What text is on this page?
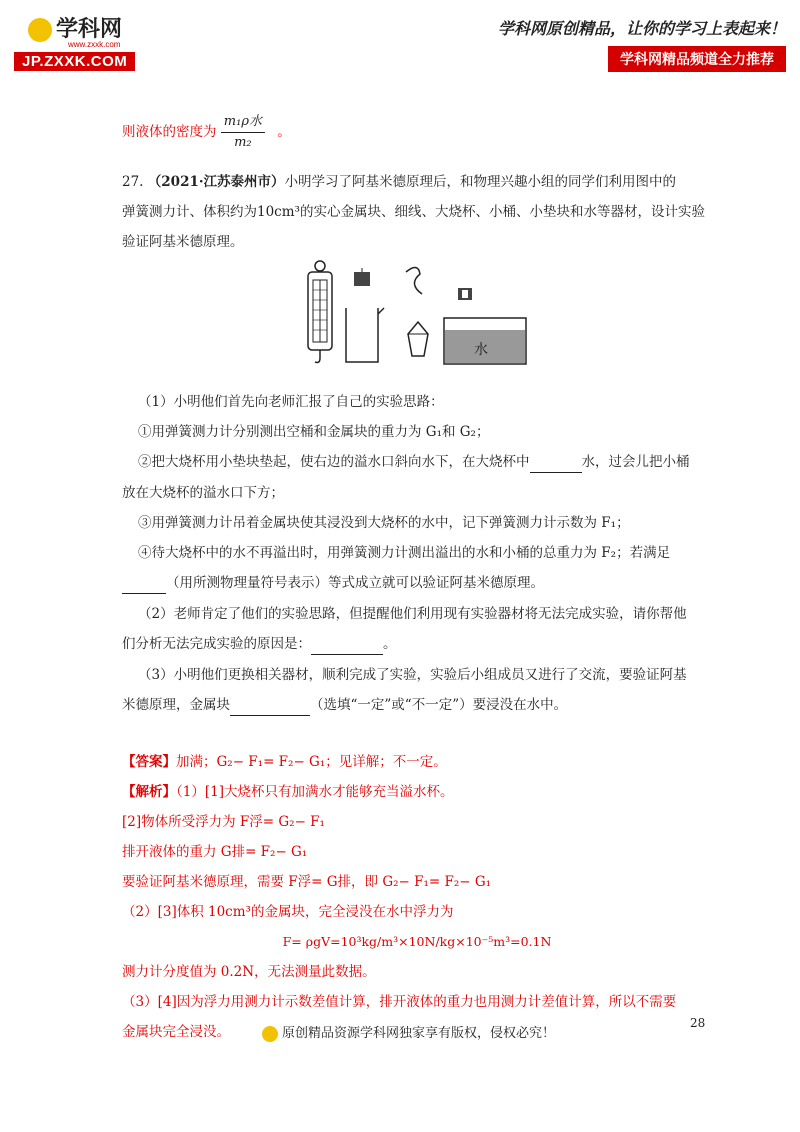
学科网
www.zxxk.com
JP.ZXXK.COM
学科网原创精品，让你的学习上表起来！
学科网精品频道全力推荐
则液体的密度为 $\frac{\text{m₁ρ水}}{\text{m₂}}$ 。
27. （2021·江苏泰州市）小明学习了阿基米德原理后，和物理兴趣小组的同学们利用图中的
弹簧测力计、体积约为10cm³的实心金属块、细线、大烧杯、小桶、小垫块和水等器材，设计实验
验证阿基米德原理。
水
（1）小明他们首先向老师汇报了自己的实验思路：
①用弹簧测力计分别测出空桶和金属块的重力为 G₁和 G₂；
②把大烧杯用小垫块垫起，使右边的溢水口斜向水下，在大烧杯中	水，过会儿把小桶
放在大烧杯的溢水口下方；
③用弹簧测力计吊着金属块使其浸没到大烧杯的水中，记下弹簧测力计示数为 F₁；
④待大烧杯中的水不再溢出时，用弹簧测力计测出溢出的水和小桶的总重力为 F₂；若满足
（用所测物理量符号表示）等式成立就可以验证阿基米德原理。
（2）老师肯定了他们的实验思路，但提醒他们利用现有实验器材将无法完成实验，请你帮他
们分析无法完成实验的原因是：	。
（3）小明他们更换相关器材，顺利完成了实验，实验后小组成员又进行了交流，要验证阿基
米德原理，金属块	（选填“一定”或“不一定”）要浸没在水中。
【答案】加满；G₂− F₁= F₂− G₁；见详解；不一定。
【解析】（1）[1]大烧杯只有加满水才能够充当溢水杯。
[2]物体所受浮力为 F浮= G₂− F₁
排开液体的重力 G排= F₂− G₁
要验证阿基米德原理，需要 F浮= G排，即 G₂− F₁= F₂− G₁
（2）[3]体积 10cm³的金属块，完全浸没在水中浮力为
F= ρgV=10³kg/m³×10N/kg×10⁻⁵m³=0.1N
测力计分度值为 0.2N，无法测量此数据。
（3）[4]因为浮力用测力计示数差值计算，排开液体的重力也用测力计差值计算，所以不需要
金属块完全浸没。
28
原创精品资源学科网独家享有版权，侵权必究！
